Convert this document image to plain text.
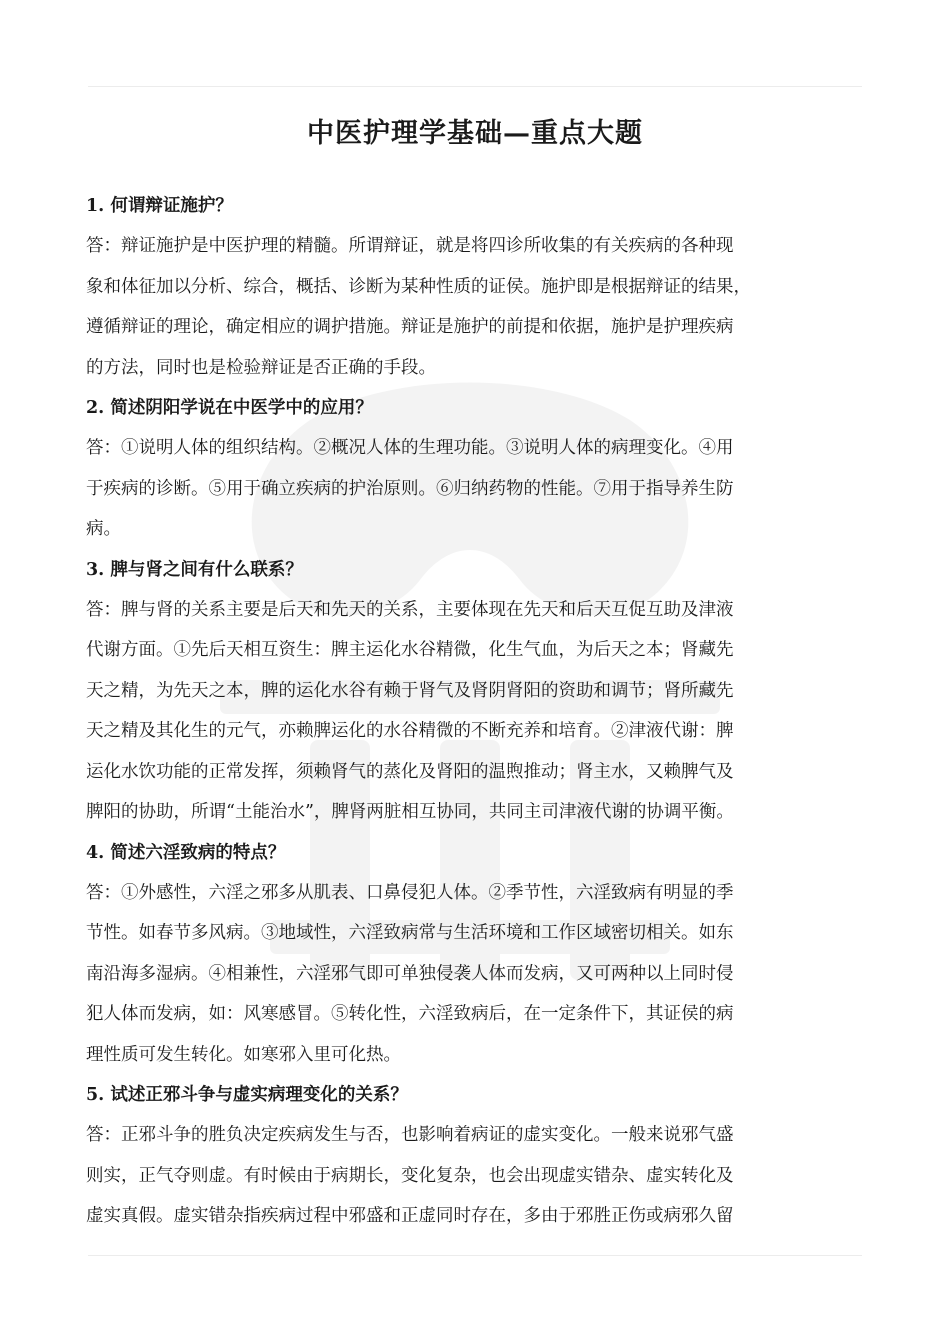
中医护理学基础—重点大题
1. 何谓辩证施护？
答：辩证施护是中医护理的精髓。所谓辩证，就是将四诊所收集的有关疾病的各种现
象和体征加以分析、综合，概括、诊断为某种性质的证侯。施护即是根据辩证的结果，
遵循辩证的理论，确定相应的调护措施。辩证是施护的前提和依据，施护是护理疾病
的方法，同时也是检验辩证是否正确的手段。
2. 简述阴阳学说在中医学中的应用？
答：①说明人体的组织结构。②概况人体的生理功能。③说明人体的病理变化。④用
于疾病的诊断。⑤用于确立疾病的护治原则。⑥归纳药物的性能。⑦用于指导养生防
病。
3. 脾与肾之间有什么联系？
答：脾与肾的关系主要是后天和先天的关系，主要体现在先天和后天互促互助及津液
代谢方面。①先后天相互资生：脾主运化水谷精微，化生气血，为后天之本；肾藏先
天之精，为先天之本，脾的运化水谷有赖于肾气及肾阴肾阳的资助和调节；肾所藏先
天之精及其化生的元气，亦赖脾运化的水谷精微的不断充养和培育。②津液代谢：脾
运化水饮功能的正常发挥，须赖肾气的蒸化及肾阳的温煦推动；肾主水，又赖脾气及
脾阳的协助，所谓“土能治水”，脾肾两脏相互协同，共同主司津液代谢的协调平衡。
4. 简述六淫致病的特点？
答：①外感性，六淫之邪多从肌表、口鼻侵犯人体。②季节性，六淫致病有明显的季
节性。如春节多风病。③地域性，六淫致病常与生活环境和工作区域密切相关。如东
南沿海多湿病。④相兼性，六淫邪气即可单独侵袭人体而发病，又可两种以上同时侵
犯人体而发病，如：风寒感冒。⑤转化性，六淫致病后，在一定条件下，其证侯的病
理性质可发生转化。如寒邪入里可化热。
5. 试述正邪斗争与虚实病理变化的关系？
答：正邪斗争的胜负决定疾病发生与否，也影响着病证的虚实变化。一般来说邪气盛
则实，正气夺则虚。有时候由于病期长，变化复杂，也会出现虚实错杂、虚实转化及
虚实真假。虚实错杂指疾病过程中邪盛和正虚同时存在，多由于邪胜正伤或病邪久留
